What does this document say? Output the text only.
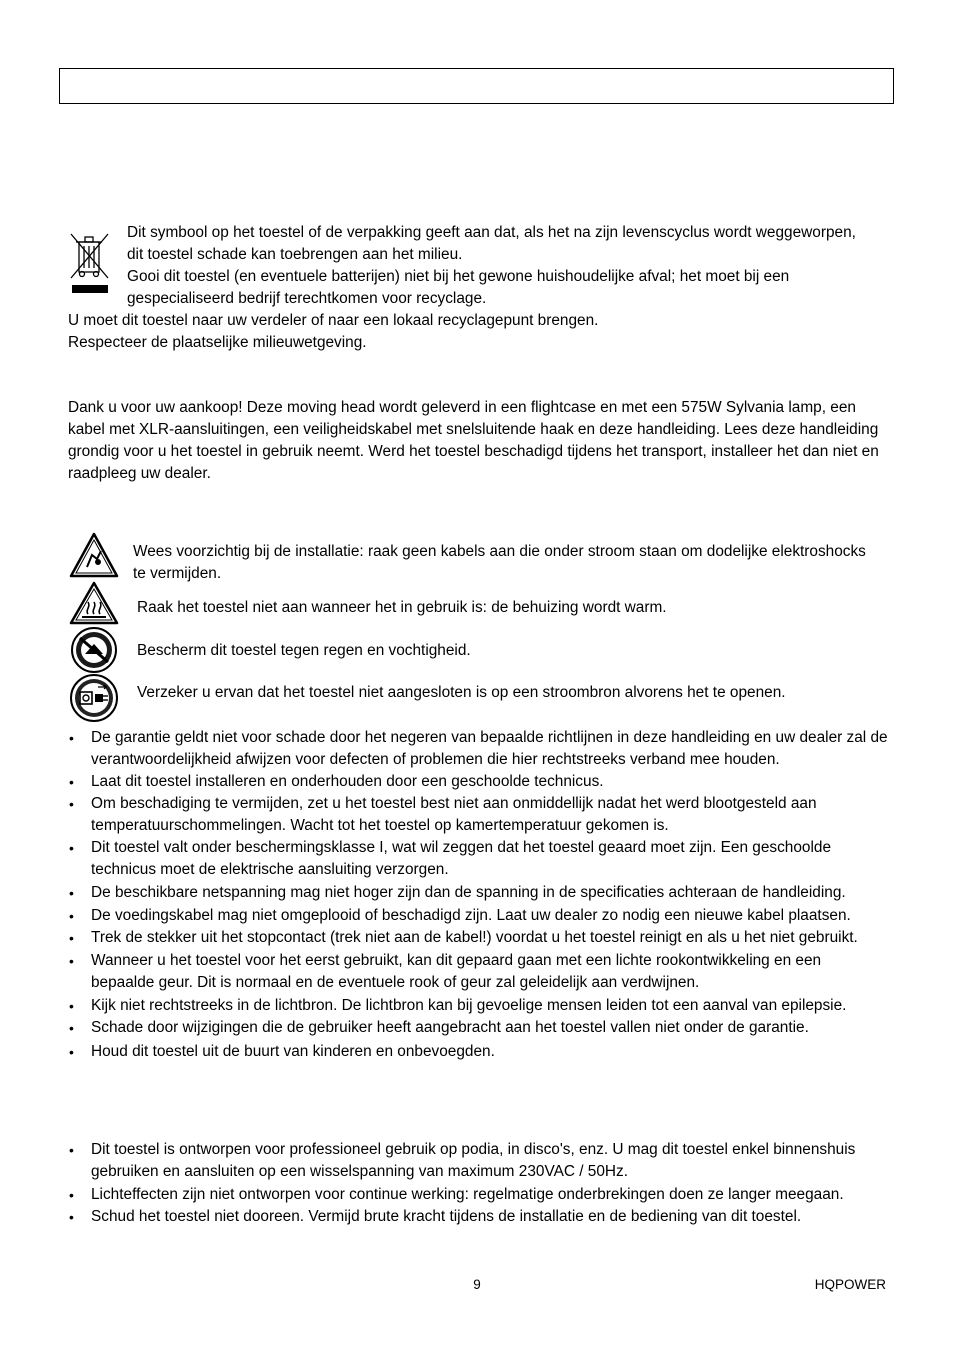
Dit symbool op het toestel of de verpakking geeft aan dat, als het na zijn levenscyclus wordt weggeworpen,
dit toestel schade kan toebrengen aan het milieu.
Gooi dit toestel (en eventuele batterijen) niet bij het gewone huishoudelijke afval; het moet bij een
gespecialiseerd bedrijf terechtkomen voor recyclage.
U moet dit toestel naar uw verdeler of naar een lokaal recyclagepunt brengen.
Respecteer de plaatselijke milieuwetgeving.
Dank u voor uw aankoop! Deze moving head wordt geleverd in een flightcase en met een 575W Sylvania lamp, een kabel met XLR-aansluitingen, een veiligheidskabel met snelsluitende haak en deze handleiding. Lees deze handleiding grondig voor u het toestel in gebruik neemt. Werd het toestel beschadigd tijdens het transport, installeer het dan niet en raadpleeg uw dealer.
Wees voorzichtig bij de installatie: raak geen kabels aan die onder stroom staan om dodelijke elektroshocks
te vermijden.
Raak het toestel niet aan wanneer het in gebruik is: de behuizing wordt warm.
Bescherm dit toestel tegen regen en vochtigheid.
Verzeker u ervan dat het toestel niet aangesloten is op een stroombron alvorens het te openen.
• De garantie geldt niet voor schade door het negeren van bepaalde richtlijnen in deze handleiding en uw dealer zal de verantwoordelijkheid afwijzen voor defecten of problemen die hier rechtstreeks verband mee houden.
• Laat dit toestel installeren en onderhouden door een geschoolde technicus.
• Om beschadiging te vermijden, zet u het toestel best niet aan onmiddellijk nadat het werd blootgesteld aan temperatuurschommelingen. Wacht tot het toestel op kamertemperatuur gekomen is.
• Dit toestel valt onder beschermingsklasse I, wat wil zeggen dat het toestel geaard moet zijn. Een geschoolde technicus moet de elektrische aansluiting verzorgen.
• De beschikbare netspanning mag niet hoger zijn dan de spanning in de specificaties achteraan de handleiding.
• De voedingskabel mag niet omgeplooid of beschadigd zijn. Laat uw dealer zo nodig een nieuwe kabel plaatsen.
• Trek de stekker uit het stopcontact (trek niet aan de kabel!) voordat u het toestel reinigt en als u het niet gebruikt.
• Wanneer u het toestel voor het eerst gebruikt, kan dit gepaard gaan met een lichte rookontwikkeling en een bepaalde geur. Dit is normaal en de eventuele rook of geur zal geleidelijk aan verdwijnen.
• Kijk niet rechtstreeks in de lichtbron. De lichtbron kan bij gevoelige mensen leiden tot een aanval van epilepsie.
• Schade door wijzigingen die de gebruiker heeft aangebracht aan het toestel vallen niet onder de garantie.
• Houd dit toestel uit de buurt van kinderen en onbevoegden.
• Dit toestel is ontworpen voor professioneel gebruik op podia, in disco's, enz. U mag dit toestel enkel binnenshuis gebruiken en aansluiten op een wisselspanning van maximum 230VAC / 50Hz.
• Lichteffecten zijn niet ontworpen voor continue werking: regelmatige onderbrekingen doen ze langer meegaan.
• Schud het toestel niet dooreen. Vermijd brute kracht tijdens de installatie en de bediening van dit toestel.
9	HQPOWER
